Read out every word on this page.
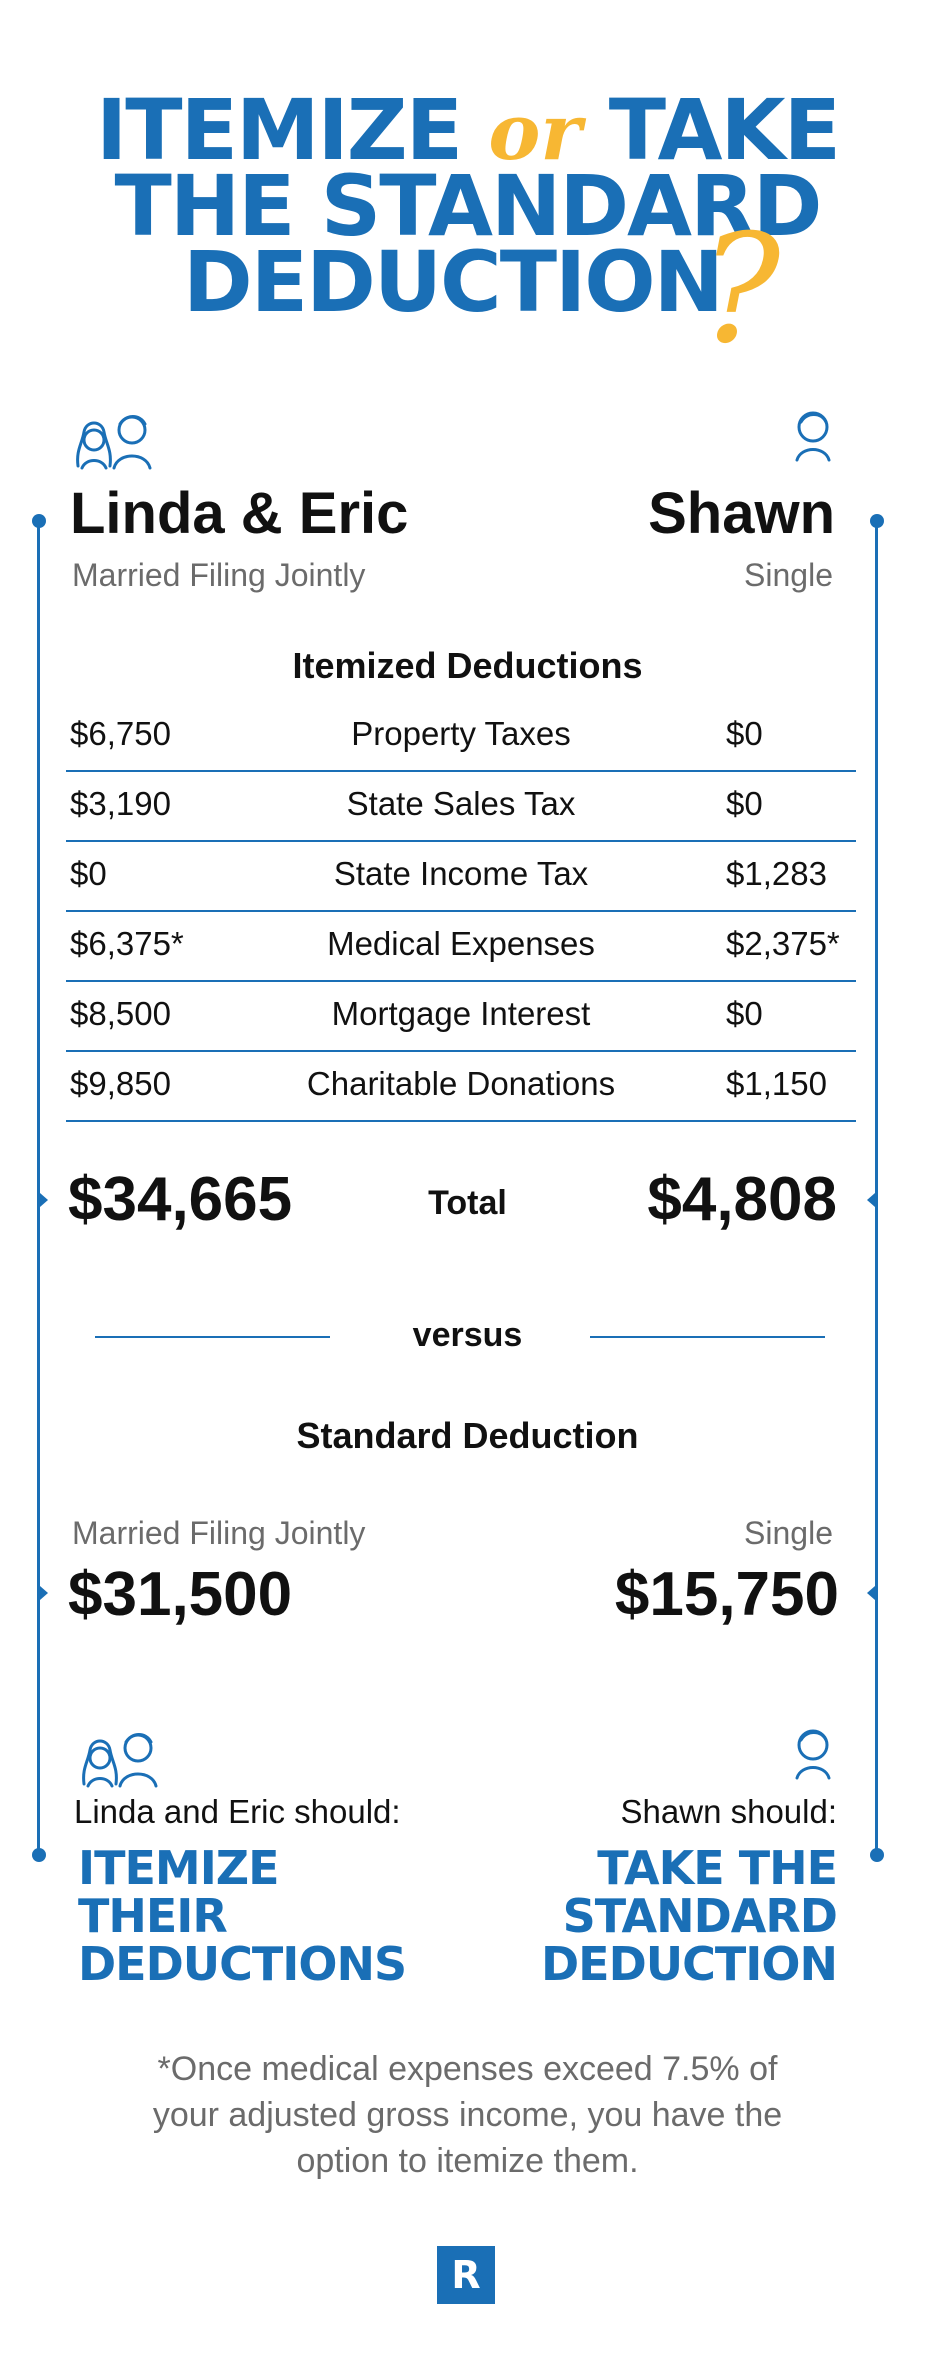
ITEMIZE or TAKE
THE STANDARD
DEDUCTION
?
Linda & Eric
Married Filing Jointly
Shawn
Single
Itemized Deductions
$6,750	Property Taxes	$0
$3,190	State Sales Tax	$0
$0	State Income Tax	$1,283
$6,375*	Medical Expenses	$2,375*
$8,500	Mortgage Interest	$0
$9,850	Charitable Donations	$1,150
$34,665	Total	$4,808
versus
Standard Deduction
Married Filing Jointly	Single
$31,500	$15,750
Linda and Eric should:	Shawn should:
ITEMIZE
THEIR
DEDUCTIONS
TAKE THE
STANDARD
DEDUCTION
*Once medical expenses exceed 7.5% of
your adjusted gross income, you have the
option to itemize them.
R
